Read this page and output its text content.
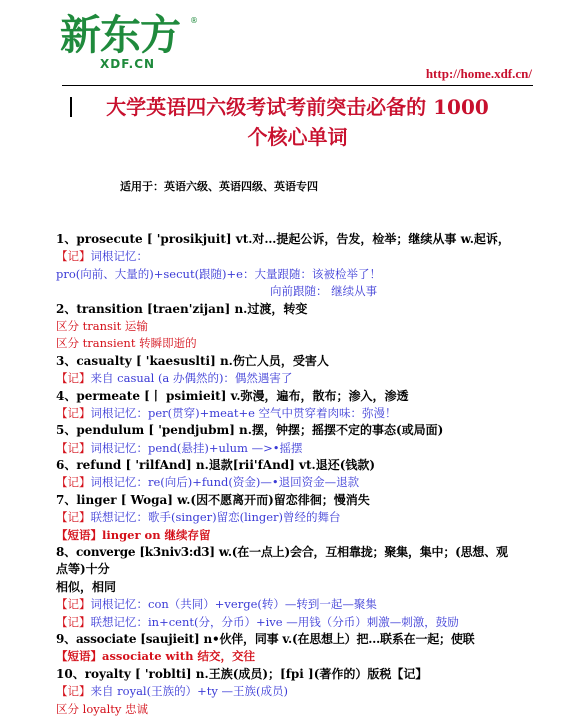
新东方 ®
XDF.CN
http://home.xdf.cn/
大学英语四六级考试考前突击必备的 1000
个核心单词
适用于：英语六级、英语四级、英语专四
1、prosecute [ 'prosikjuit] vt.对…提起公诉，告发，检举；继续从事 w.起诉，
【记】词根记忆：
pro(向前、大量的)+secut(跟随)+e：大量跟随：该被检举了！
向前跟随： 继续从事
2、transition [traen'zijan] n.过渡，转变
区分 transit 运输
区分 transient 转瞬即逝的
3、casualty [ 'kaesuslti] n.伤亡人员，受害人
【记】来自 casual (a 办偶然的)：偶然遇害了
4、permeate [丨 psimieit] v.弥漫，遍布，散布；渗入，渗透
【记】词根记忆：per(贯穿)+meat+e 空气中贯穿着肉味：弥漫！
5、pendulum [ 'pendjubm] n.摆，钟摆；摇摆不定的事态(或局面)
【记】词根记忆：pend(悬挂)+ulum —>•摇摆
6、refund [ 'rilfAnd] n.退款[rii'fAnd] vt.退还(钱款)
【记】词根记忆：re(向后)+fund(资金)—•退回资金—退款
7、linger [ Woga] w.(因不愿离开而)留恋徘徊；慢消失
【记】联想记忆：歌手(singer)留恋(linger)曾经的舞台
【短语】linger on 继续存留
8、converge [k3niv3:d3] w.(在一点上)会合，互相靠拢；聚集，集中；(思想、观
点等)十分
相似，相同
【记】词根记忆：con（共同）+verge(转）—转到一起—聚集
【记】联想记忆：in+cent(分，分币）+ive —用钱（分币）刺激—刺激，鼓励
9、associate [saujieit] n•伙伴，同事 v.(在思想上）把…联系在一起；使联
【短语】associate with 结交，交往
10、royalty [ 'roblti] n.王族(成员)；[fpi ](著作的）版税【记】
【记】来自 royal(王族的）+ty —王族(成员)
区分 loyalty 忠诚
